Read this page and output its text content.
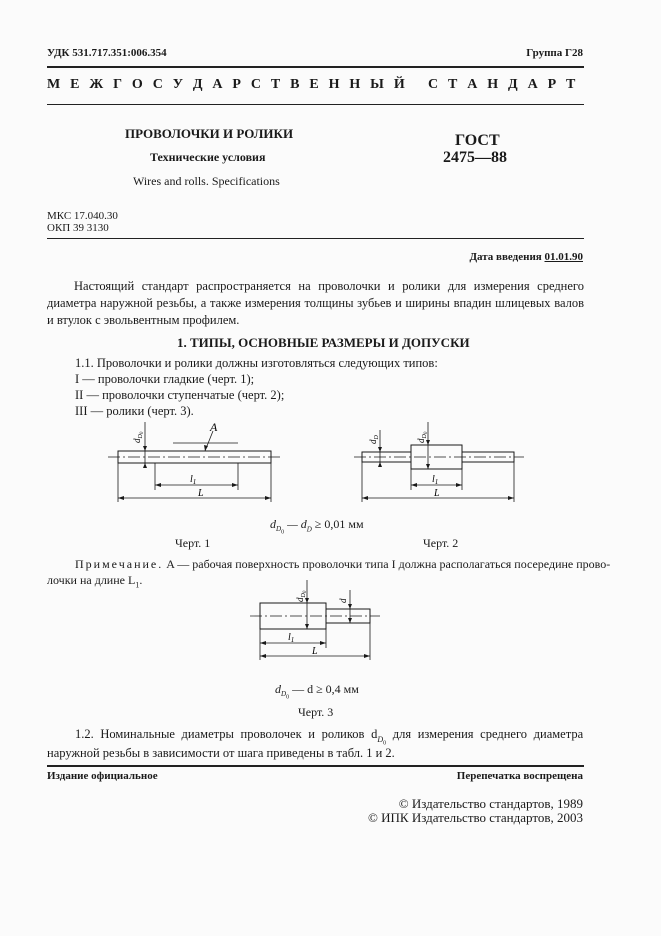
УДК 531.717.351:006.354	Группа Г28
М Е Ж Г О С У Д А Р С Т В Е Н Н Ы Й   С Т А Н Д А Р Т
ПРОВОЛОЧКИ И РОЛИКИ
Технические условия
Wires and rolls. Specifications
ГОСТ
2475—88
МКС 17.040.30
ОКП 39 3130
Дата введения 01.01.90
Настоящий стандарт распространяется на проволочки и ролики для измерения среднего диаметра наружной резьбы, а также измерения толщины зубьев и ширины впадин шлицевых валов и втулок с эвольвентным профилем.
1. ТИПЫ, ОСНОВНЫЕ РАЗМЕРЫ И ДОПУСКИ
1.1. Проволочки и ролики должны изготовляться следующих типов:
I — проволочки гладкие (черт. 1);
II — проволочки ступенчатые (черт. 2);
III — ролики (черт. 3).
$d_D0$	A
$l_1$
L
$d_D$
$d_D0$
$l_1$
L
$d_{D_0}$ — $d_D \ge 0,01$ мм
Черт. 1	Черт. 2
Примечание. A — рабочая поверхность проволочки типа I должна располагаться посередине прово-
лочки на длине $L_1$.
$d_D0$
d
$l_1$
L
$d_{D_0}$ — d ≥ 0,4 мм
Черт. 3
1.2. Номинальные диаметры проволочек и роликов $d_{D_0}$ для измерения среднего диаметра
наружной резьбы в зависимости от шага приведены в табл. 1 и 2.
Издание официальное	Перепечатка воспрещена
© Издательство стандартов, 1989
© ИПК Издательство стандартов, 2003
